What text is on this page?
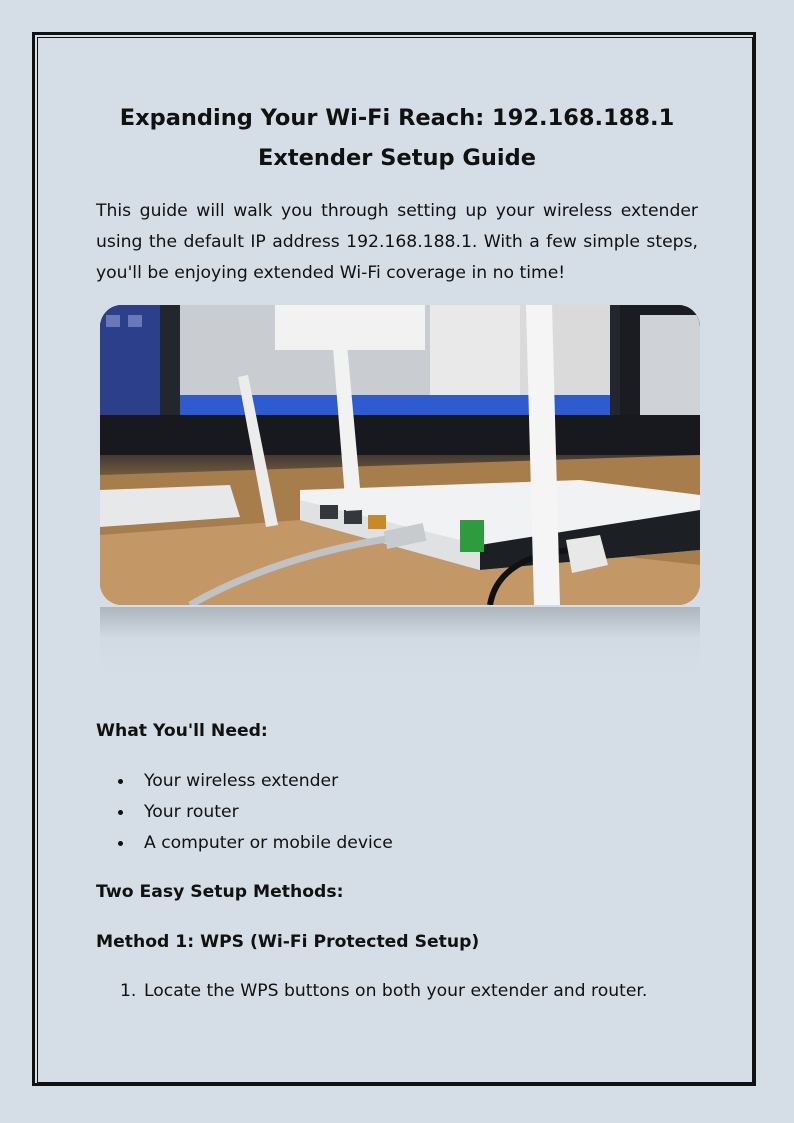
Expanding Your Wi-Fi Reach: 192.168.188.1 Extender Setup Guide

This guide will walk you through setting up your wireless extender using the default IP address 192.168.188.1. With a few simple steps, you'll be enjoying extended Wi-Fi coverage in no time!

What You'll Need:
Your wireless extender
Your router
A computer or mobile device
Two Easy Setup Methods:
Method 1: WPS (Wi-Fi Protected Setup)
1. Locate the WPS buttons on both your extender and router.
